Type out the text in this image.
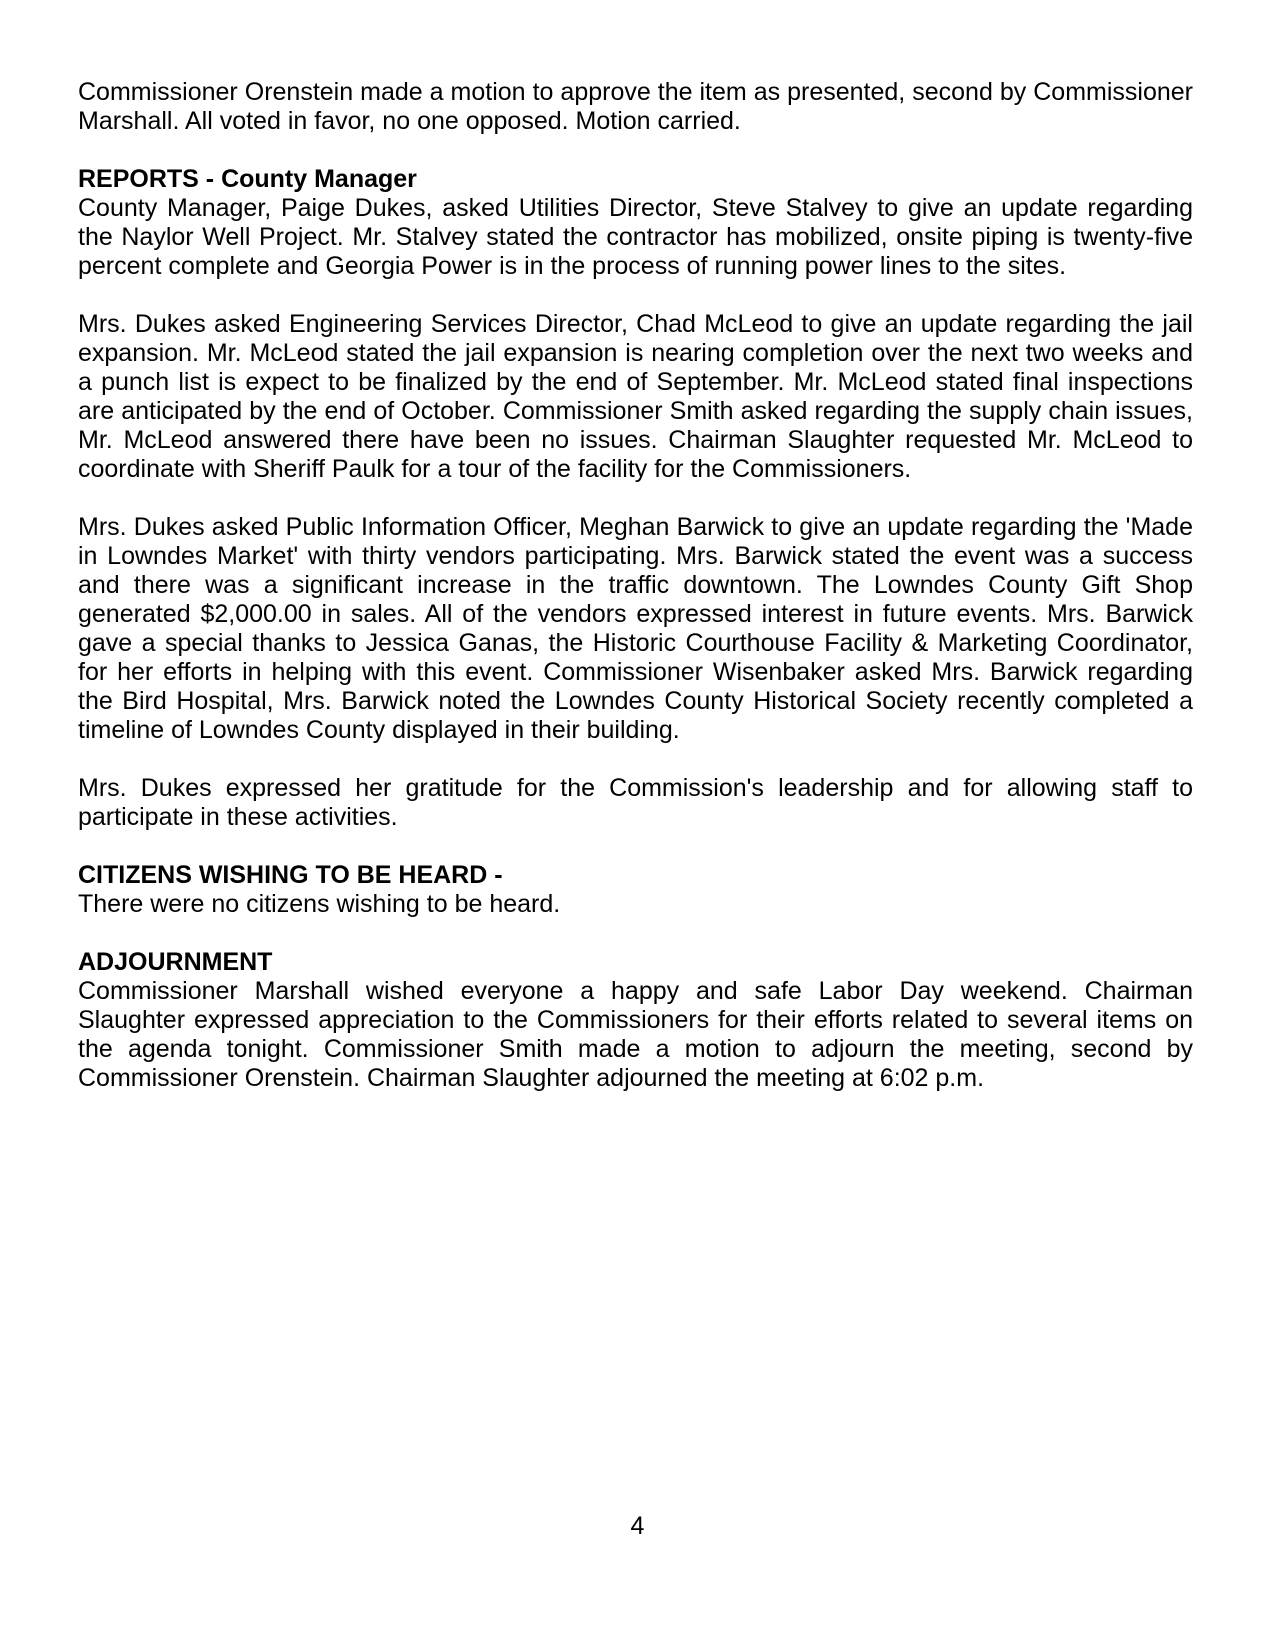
Commissioner Orenstein made a motion to approve the item as presented, second by Commissioner Marshall. All voted in favor, no one opposed. Motion carried.

REPORTS - County Manager

County Manager, Paige Dukes, asked Utilities Director, Steve Stalvey to give an update regarding the Naylor Well Project. Mr. Stalvey stated the contractor has mobilized, onsite piping is twenty-five percent complete and Georgia Power is in the process of running power lines to the sites.

Mrs. Dukes asked Engineering Services Director, Chad McLeod to give an update regarding the jail expansion. Mr. McLeod stated the jail expansion is nearing completion over the next two weeks and a punch list is expect to be finalized by the end of September. Mr. McLeod stated final inspections are anticipated by the end of October. Commissioner Smith asked regarding the supply chain issues, Mr. McLeod answered there have been no issues. Chairman Slaughter requested Mr. McLeod to coordinate with Sheriff Paulk for a tour of the facility for the Commissioners.

Mrs. Dukes asked Public Information Officer, Meghan Barwick to give an update regarding the 'Made in Lowndes Market' with thirty vendors participating. Mrs. Barwick stated the event was a success and there was a significant increase in the traffic downtown. The Lowndes County Gift Shop generated $2,000.00 in sales. All of the vendors expressed interest in future events. Mrs. Barwick gave a special thanks to Jessica Ganas, the Historic Courthouse Facility & Marketing Coordinator, for her efforts in helping with this event. Commissioner Wisenbaker asked Mrs. Barwick regarding the Bird Hospital, Mrs. Barwick noted the Lowndes County Historical Society recently completed a timeline of Lowndes County displayed in their building.

Mrs. Dukes expressed her gratitude for the Commission's leadership and for allowing staff to participate in these activities.

CITIZENS WISHING TO BE HEARD -

There were no citizens wishing to be heard.

ADJOURNMENT

Commissioner Marshall wished everyone a happy and safe Labor Day weekend. Chairman Slaughter expressed appreciation to the Commissioners for their efforts related to several items on the agenda tonight. Commissioner Smith made a motion to adjourn the meeting, second by Commissioner Orenstein. Chairman Slaughter adjourned the meeting at 6:02 p.m.

4
